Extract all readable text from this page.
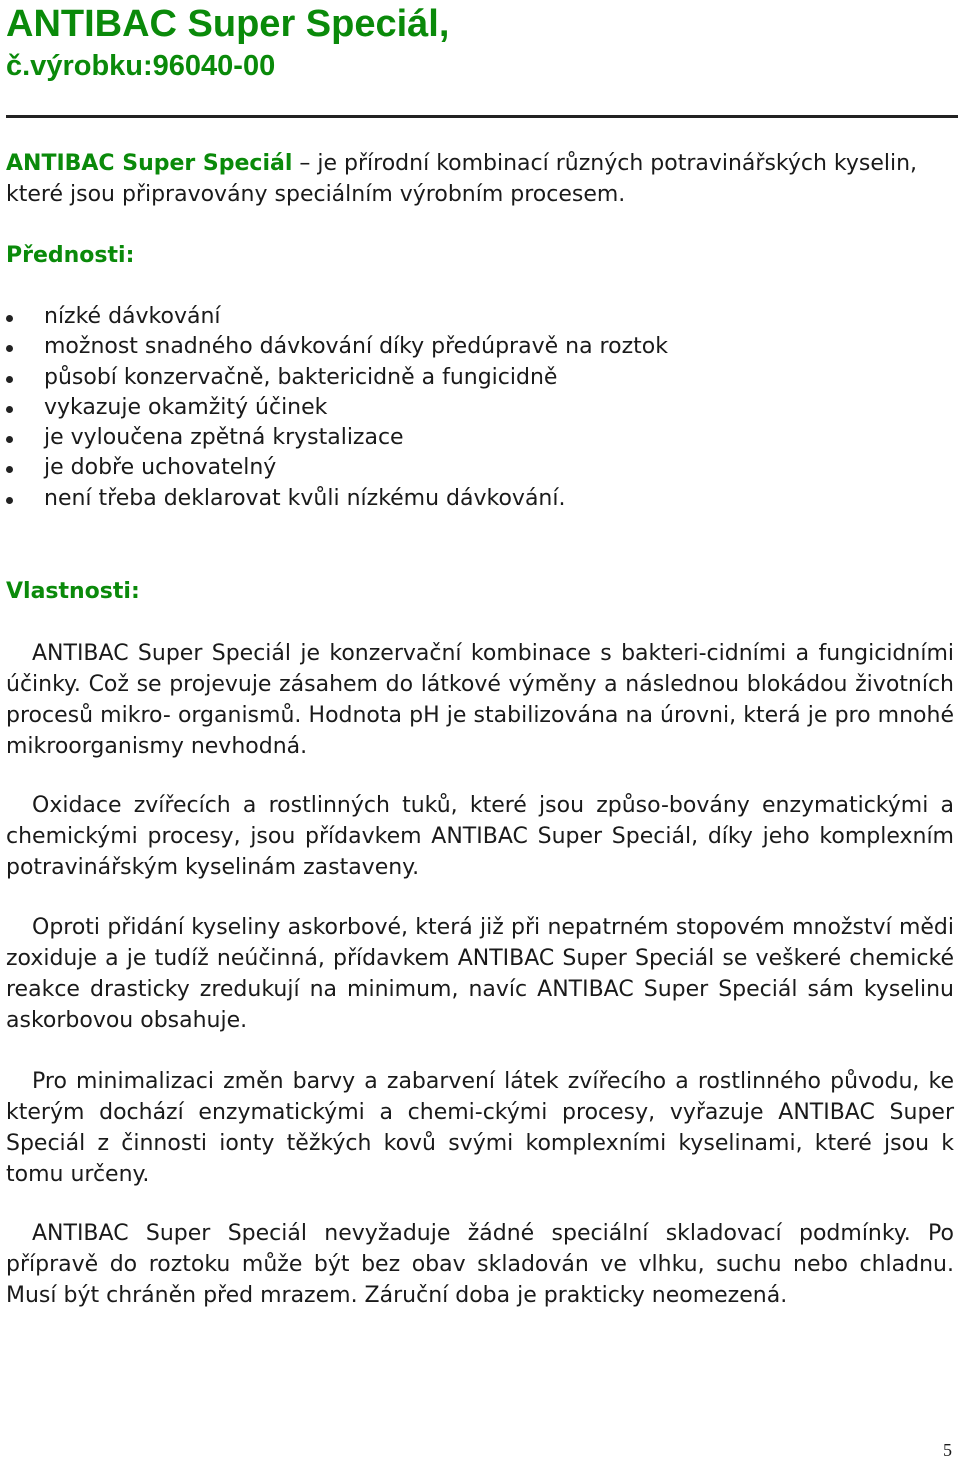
ANTIBAC Super Speciál,
č.výrobku:96040-00

ANTIBAC Super Speciál – je přírodní kombinací různých potravinářských kyselin, které jsou připravovány speciálním výrobním procesem.

Přednosti:
nízké dávkování
možnost snadného dávkování díky předúpravě na roztok
působí konzervačně, baktericidně a fungicidně
vykazuje okamžitý účinek
je vyloučena zpětná krystalizace
je dobře uchovatelný
není třeba deklarovat kvůli nízkému dávkování.
Vlastnosti:

ANTIBAC Super Speciál je konzervační kombinace s bakteri-cidními a fungicidními účinky. Což se projevuje zásahem do látkové výměny a následnou blokádou životních procesů mikro- organismů. Hodnota pH je stabilizována na úrovni, která je pro mnohé mikroorganismy nevhodná.

Oxidace zvířecích a rostlinných tuků, které jsou způso-bovány enzymatickými a chemickými procesy, jsou přídavkem ANTIBAC Super Speciál, díky jeho komplexním potravinářským kyselinám zastaveny.

Oproti přidání kyseliny askorbové, která již při nepatrném stopovém množství mědi zoxiduje a je tudíž neúčinná, přídavkem ANTIBAC Super Speciál se veškeré chemické reakce drasticky zredukují na minimum, navíc ANTIBAC Super Speciál sám kyselinu askorbovou obsahuje.

Pro minimalizaci změn barvy a zabarvení látek zvířecího a rostlinného původu, ke kterým dochází enzymatickými a chemi-ckými procesy, vyřazuje ANTIBAC Super Speciál z činnosti ionty těžkých kovů svými komplexními kyselinami, které jsou k tomu určeny.

ANTIBAC Super Speciál nevyžaduje žádné speciální skladovací podmínky. Po přípravě do roztoku může být bez obav skladován ve vlhku, suchu nebo chladnu. Musí být chráněn před mrazem. Záruční doba je prakticky neomezená.

5
